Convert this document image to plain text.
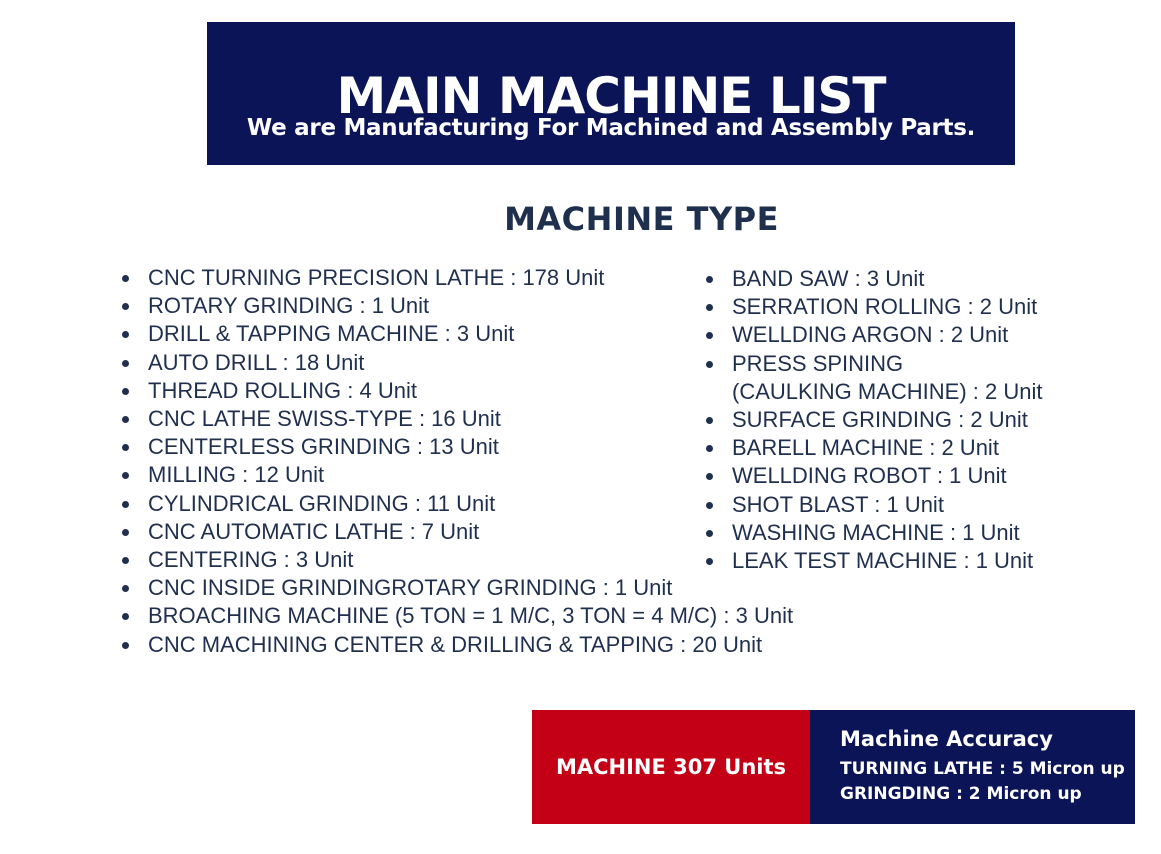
MAIN MACHINE LIST
We are Manufacturing For Machined and Assembly Parts.
MACHINE TYPE
CNC TURNING PRECISION LATHE : 178 Unit
ROTARY GRINDING : 1 Unit
DRILL & TAPPING MACHINE : 3 Unit
AUTO DRILL : 18 Unit
THREAD ROLLING : 4 Unit
CNC LATHE SWISS-TYPE : 16 Unit
CENTERLESS GRINDING : 13 Unit
MILLING : 12 Unit
CYLINDRICAL GRINDING : 11 Unit
CNC AUTOMATIC LATHE : 7 Unit
CENTERING : 3 Unit
CNC INSIDE GRINDINGROTARY GRINDING : 1 Unit
BROACHING MACHINE (5 TON = 1 M/C, 3 TON = 4 M/C) : 3 Unit
CNC MACHINING CENTER & DRILLING & TAPPING : 20 Unit
BAND SAW : 3 Unit
SERRATION ROLLING : 2 Unit
WELLDING ARGON : 2 Unit
PRESS SPINING
(CAULKING MACHINE) : 2 Unit
SURFACE GRINDING : 2 Unit
BARELL MACHINE : 2 Unit
WELLDING ROBOT : 1 Unit
SHOT BLAST : 1 Unit
WASHING MACHINE : 1 Unit
LEAK TEST MACHINE : 1 Unit
MACHINE 307 Units
Machine Accuracy
TURNING LATHE : 5 Micron up
GRINGDING : 2 Micron up
